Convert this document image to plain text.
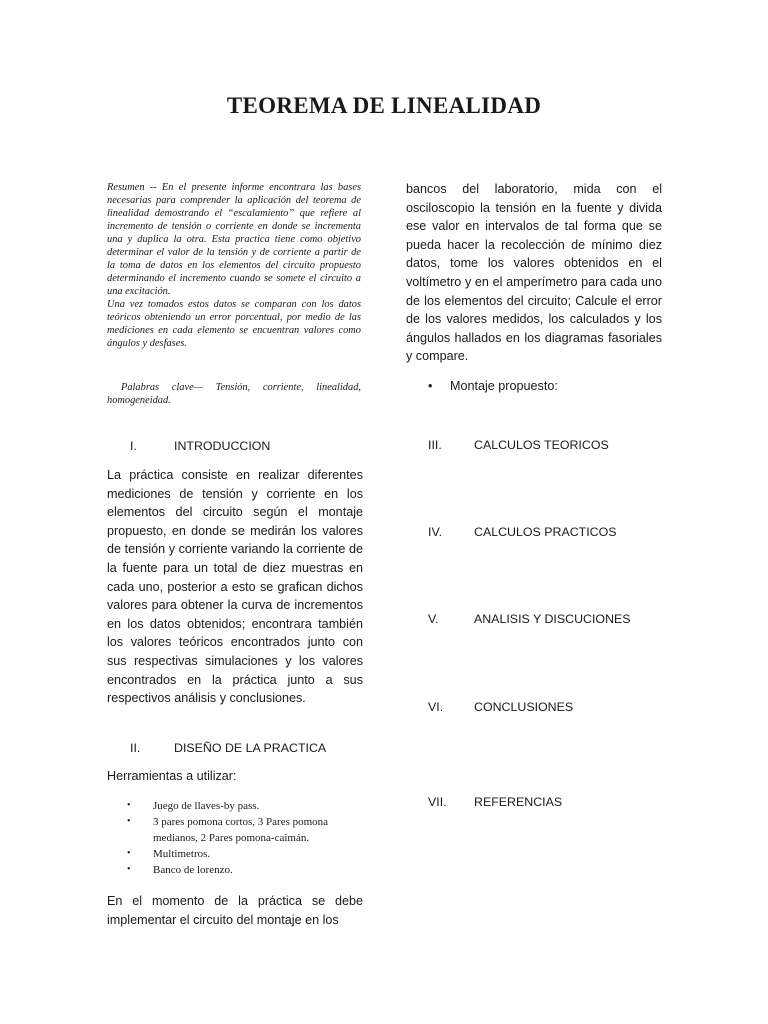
TEOREMA DE LINEALIDAD

Resumen -- En el presente informe encontrara las bases necesarias para comprender la aplicación del teorema de linealidad demostrando el “escalamiento” que refiere al incremento de tensión o corriente en donde se incrementa una y duplica la otra. Esta practica tiene como objetivo determinar el valor de la tensión y de corriente a partir de la toma de datos en los elementos del circuito propuesto determinando el incremento cuando se somete el circuito a una excitación.

Una vez tomados estos datos se comparan con los datos teóricos obteniendo un error porcentual, por medio de las mediciones en cada elemento se encuentran valores como ángulos y desfases.

Palabras clave— Tensión, corriente, linealidad, homogeneidad.
I.	INTRODUCCION

La práctica consiste en realizar diferentes mediciones de tensión y corriente en los elementos del circuito según el montaje propuesto, en donde se medirán los valores de tensión y corriente variando la corriente de la fuente para un total de diez muestras en cada uno, posterior a esto se grafican dichos valores para obtener la curva de incrementos en los datos obtenidos; encontrara también los valores teóricos encontrados junto con sus respectivas simulaciones y los valores encontrados en la práctica junto a sus respectivos análisis y conclusiones.

II.	DISEÑO DE LA PRACTICA
Herramientas a utilizar:
• Juego de llaves-by pass.
• 3 pares pomona cortos, 3 Pares pomona medianos, 2 Pares pomona-caimán.
• Multimetros.
• Banco de lorenzo.

En el momento de la práctica se debe implementar el circuito del montaje en los

bancos del laboratorio, mida con el osciloscopio la tensión en la fuente y divida ese valor en intervalos de tal forma que se pueda hacer la recolección de mínimo diez datos, tome los valores obtenidos en el voltímetro y en el amperímetro para cada uno de los elementos del circuito; Calcule el error de los valores medidos, los calculados y los ángulos hallados en los diagramas fasoriales y compare.

• Montaje propuesto:
III.	CALCULOS TEORICOS
IV.	CALCULOS PRACTICOS
V.	ANALISIS Y DISCUCIONES
VI. CONCLUSIONES
VII. REFERENCIAS
